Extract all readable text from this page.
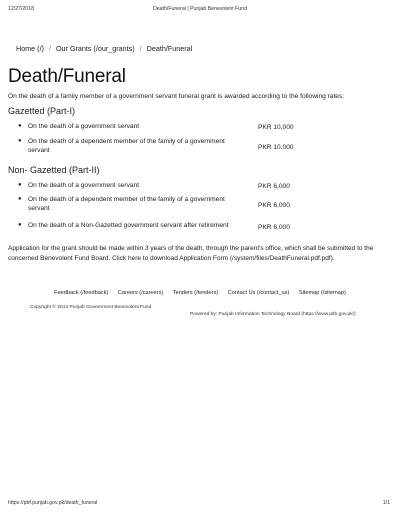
12/27/2018	Death/Funeral | Punjab Benevolent Fund
Home (/) / Our Grants (/our_grants) / Death/Funeral
Death/Funeral

On the death of a family member of a government servant funeral grant is awarded according to the following rates:

Gazetted (Part-I)
● On the death of a government servant	PKR 10,000
● On the death of a dependent member of the family of a government servant	PKR 10,000
Non- Gazetted (Part-II)
● On the death of a government servant	PKR 6,000
● On the death of a dependent member of the family of a government servant	PKR 6,000
● On the death of a Non-Gazetted government servant after retirement	PKR 6,000

Application for the grant should be made within 3 years of the death, through the parent's office, which shall be submitted to the concerned Benevolent Fund Board. Click here to download Application Form (/system/files/DeathFuneral.pdf.pdf).

Feedback (/feedback) Careers (/careers) Tenders (/tenders) Contact Us (/contact_us) Sitemap (/sitemap)
Copyright © 2014 Punjab Government Benevolent Fund
Powered by: Punjab Information Technology Board (https://www.pitb.gov.pk/)
https://pbf.punjab.gov.pk/death_funeral	1/1
